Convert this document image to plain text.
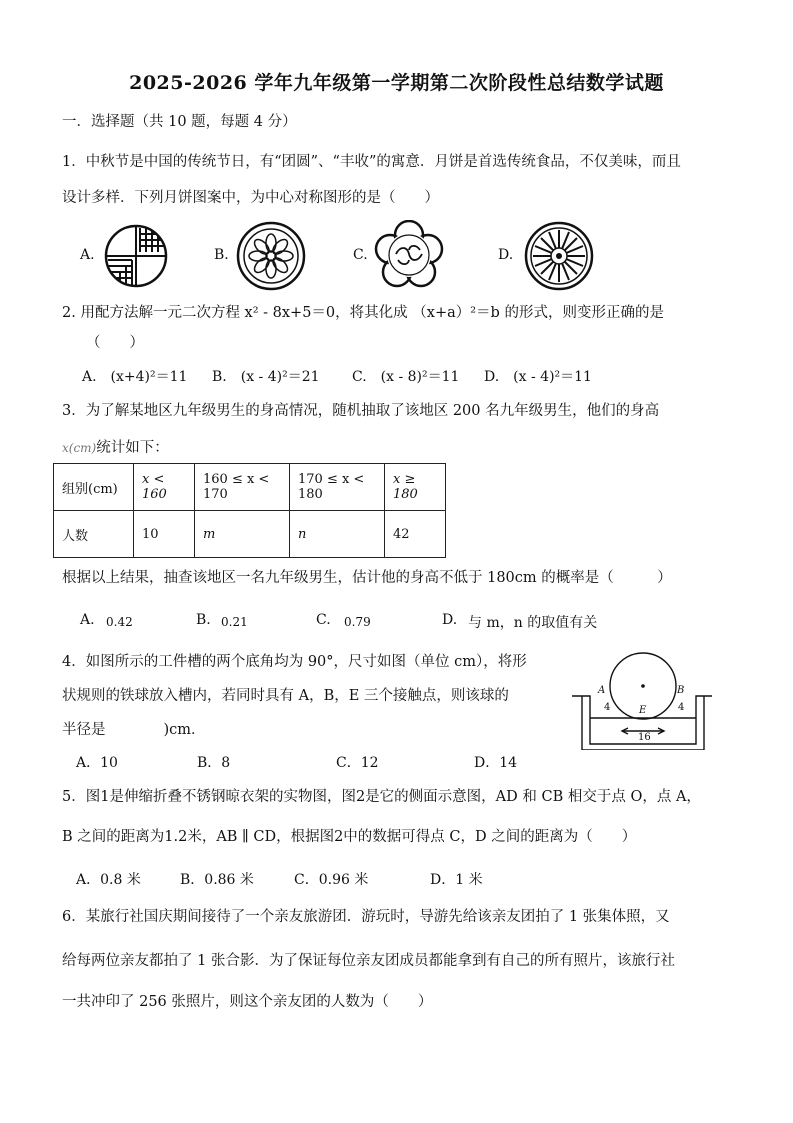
2025-2026 学年九年级第一学期第二次阶段性总结数学试题
一．选择题（共 10 题，每题 4 分）
1．中秋节是中国的传统节日，有“团圆”、“丰收”的寓意．月饼是首选传统食品，不仅美味，而且
设计多样．下列月饼图案中，为中心对称图形的是（　　）
A.	B.	C.	D.
2. 用配方法解一元二次方程 x² - 8x+5＝0，将其化成 （x+a）²＝b 的形式，则变形正确的是
（　　）
A.　(x+4)²＝11 B.　(x - 4)²＝21 C.　(x - 8)²＝11 D.　(x - 4)²＝11
3．为了解某地区九年级男生的身高情况，随机抽取了该地区 200 名九年级男生，他们的身高
x(cm)统计如下：
组别(cm)	x < 160	160 ≤ x < 170	170 ≤ x < 180	x ≥ 180
人数	10	m	n	42
根据以上结果，抽查该地区一名九年级男生，估计他的身高不低于 180cm 的概率是（　　　）
A. 0.42	B. 0.21	C. 0.79	D. 与 m，n 的取值有关
4．如图所示的工件槽的两个底角均为 90°，尺寸如图（单位 cm），将形
状规则的铁球放入槽内，若同时具有 A，B，E 三个接触点，则该球的
半径是　　　　)cm．
A．10	B．8	C．12	D．14
A	B
E
4	4
16
5．图1是伸缩折叠不锈钢晾衣架的实物图，图2是它的侧面示意图，AD 和 CB 相交于点 O，点 A，
B 之间的距离为1.2米，AB ∥ CD，根据图2中的数据可得点 C，D 之间的距离为（　　）
A．0.8 米	B．0.86 米	C．0.96 米	D．1 米
6．某旅行社国庆期间接待了一个亲友旅游团．游玩时，导游先给该亲友团拍了 1 张集体照，又
给每两位亲友都拍了 1 张合影．为了保证每位亲友团成员都能拿到有自己的所有照片，该旅行社
一共冲印了 256 张照片，则这个亲友团的人数为（　　）
